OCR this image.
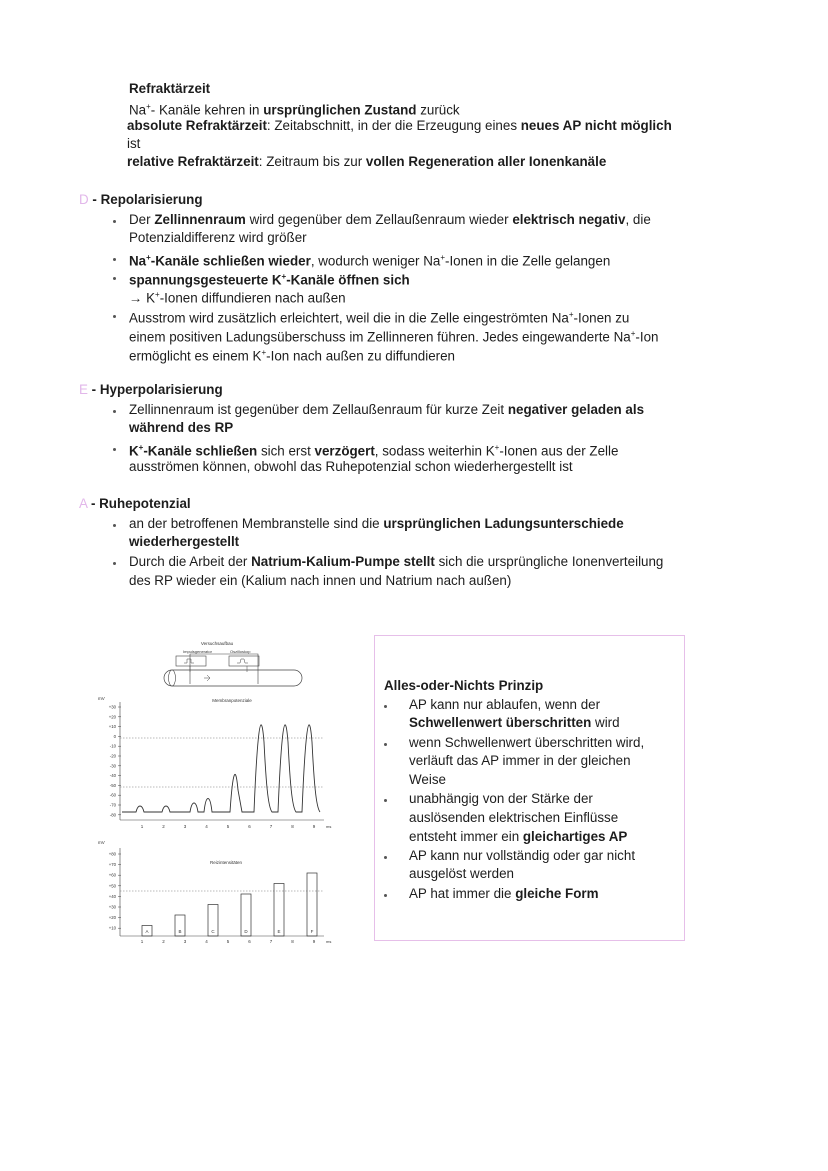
Refraktärzeit
Na+- Kanäle kehren in ursprünglichen Zustand zurück
absolute Refraktärzeit: Zeitabschnitt, in der die Erzeugung eines neues AP nicht möglich
ist
relative Refraktärzeit: Zeitraum bis zur vollen Regeneration aller Ionenkanäle
D - Repolarisierung
Der Zellinnenraum wird gegenüber dem Zellaußenraum wieder elektrisch negativ, die
Potenzialdifferenz wird größer
Na+-Kanäle schließen wieder, wodurch weniger Na+-Ionen in die Zelle gelangen
spannungsgesteuerte K+-Kanäle öffnen sich
→ K+-Ionen diffundieren nach außen
Ausstrom wird zusätzlich erleichtert, weil die in die Zelle eingeströmten Na+-Ionen zu
einem positiven Ladungsüberschuss im Zellinneren führen. Jedes eingewanderte Na+-Ion
ermöglicht es einem K+-Ion nach außen zu diffundieren
E - Hyperpolarisierung
Zellinnenraum ist gegenüber dem Zellaußenraum für kurze Zeit negativer geladen als
während des RP
K+-Kanäle schließen sich erst verzögert, sodass weiterhin K+-Ionen aus der Zelle
ausströmen können, obwohl das Ruhepotenzial schon wiederhergestellt ist
A - Ruhepotenzial
an der betroffenen Membranstelle sind die ursprünglichen Ladungsunterschiede
wiederhergestellt
Durch die Arbeit der Natrium-Kalium-Pumpe stellt sich die ursprüngliche Ionenverteilung
des RP wieder ein (Kalium nach innen und Natrium nach außen)
Versuchsaufbau
Impulsgenerator	Oszilloskop
mV	Membranpotenziale
+30
+20
+10
0
-10
-20
-30
-40
-50
-60
-70
-80
1	2	3	4	5	6	7	8	9	ms
mV
Reizintensitäten
+80
+70
+60
+50
+40
+30
+20
+10
A	B	C	D	E	F
1	2	3	4	5	6	7	8	9	ms
Alles-oder-Nichts Prinzip
AP kann nur ablaufen, wenn der
Schwellenwert überschritten wird
wenn Schwellenwert überschritten wird,
verläuft das AP immer in der gleichen
Weise
unabhängig von der Stärke der
auslösenden elektrischen Einflüsse
entsteht immer ein gleichartiges AP
AP kann nur vollständig oder gar nicht
ausgelöst werden
AP hat immer die gleiche Form
